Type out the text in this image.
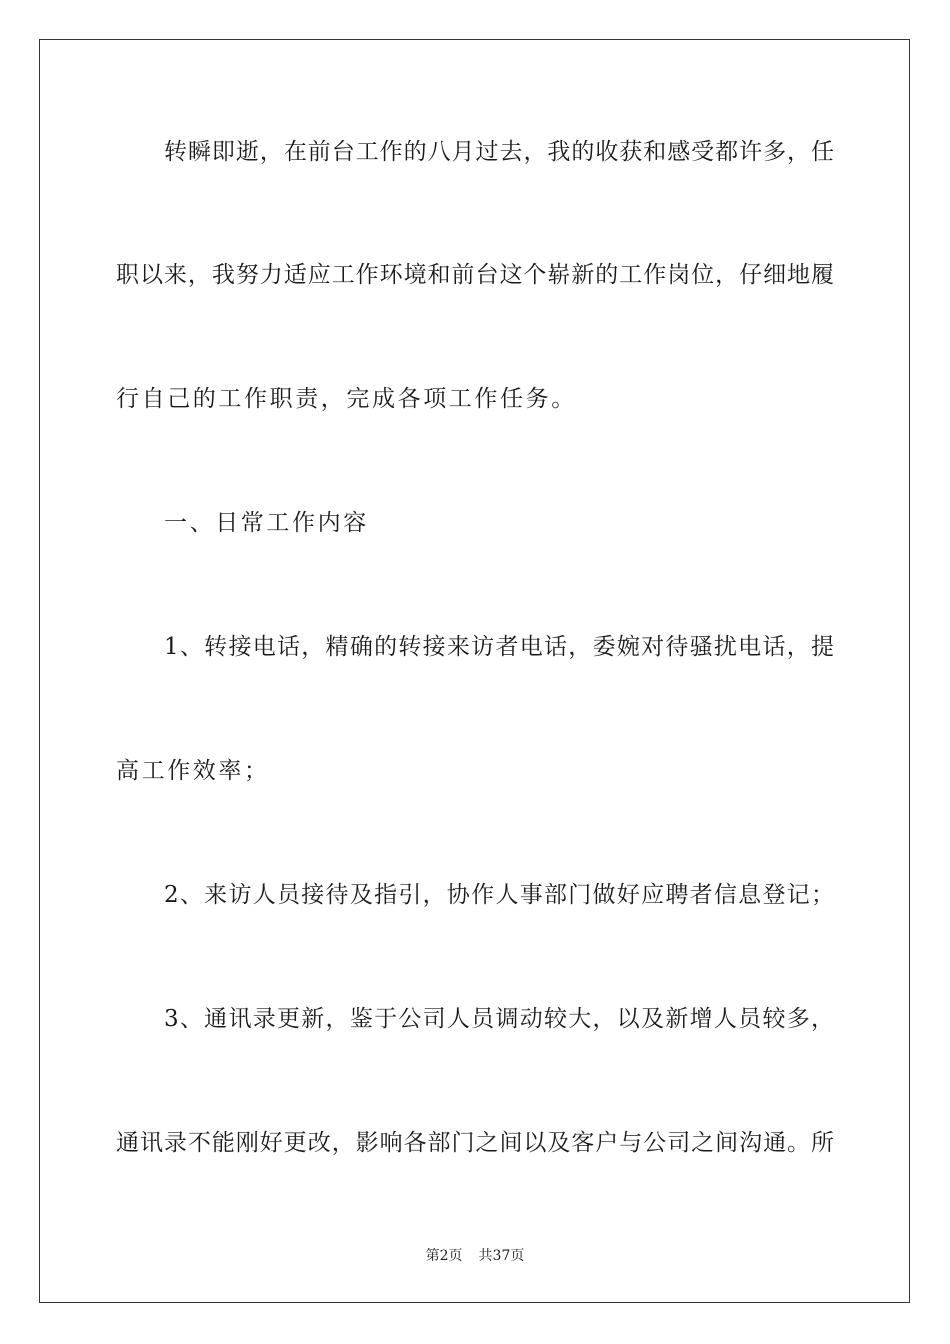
转瞬即逝，在前台工作的八月过去，我的收获和感受都许多，任
职以来，我努力适应工作环境和前台这个崭新的工作岗位，仔细地履
行自己的工作职责，完成各项工作任务。
一、日常工作内容
1、转接电话，精确的转接来访者电话，委婉对待骚扰电话，提
高工作效率；
2、来访人员接待及指引，协作人事部门做好应聘者信息登记；
3、通讯录更新，鉴于公司人员调动较大，以及新增人员较多，
通讯录不能刚好更改，影响各部门之间以及客户与公司之间沟通。所
第2页 共37页
